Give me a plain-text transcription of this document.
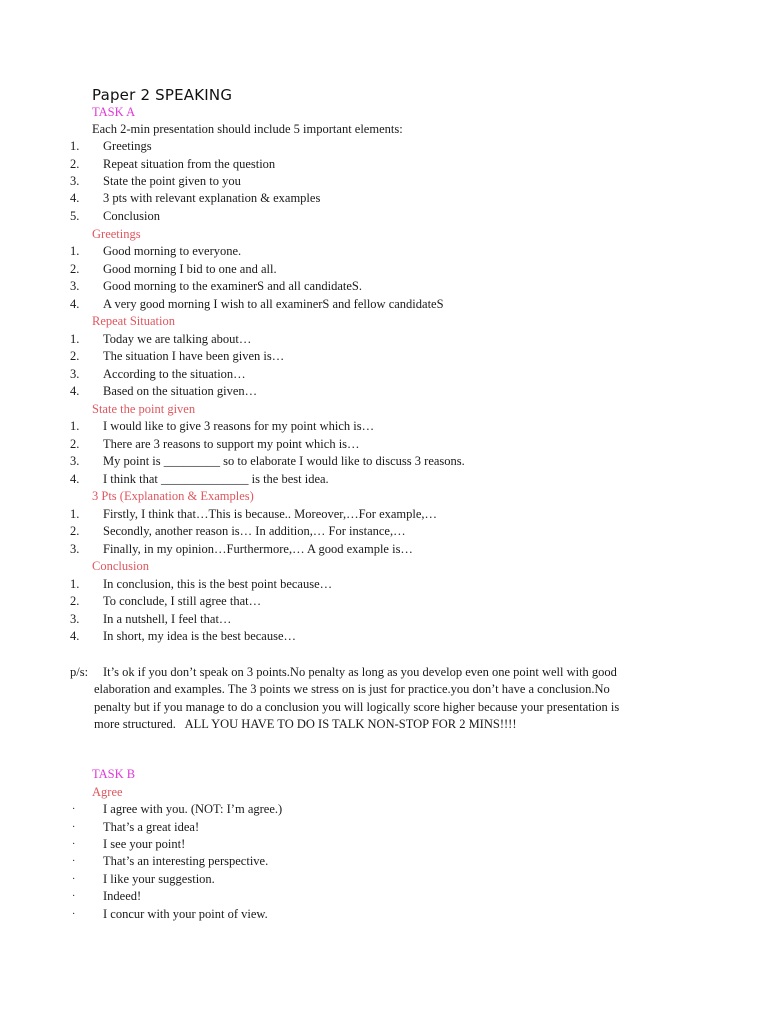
Paper 2 SPEAKING
TASK A
Each 2-min presentation should include 5 important elements:
1.	Greetings
2.	Repeat situation from the question
3.	State the point given to you
4.	3 pts with relevant explanation & examples
5.	Conclusion
Greetings
1.	Good morning to everyone.
2.	Good morning I bid to one and all.
3.	Good morning to the examinerS and all candidateS.
4.	A very good morning I wish to all examinerS and fellow candidateS
Repeat Situation
1.	Today we are talking about…
2.	The situation I have been given is…
3.	According to the situation…
4.	Based on the situation given…
State the point given
1.	I would like to give 3 reasons for my point which is…
2.	There are 3 reasons to support my point which is…
3.	My point is _________ so to elaborate I would like to discuss 3 reasons.
4.	I think that ______________ is the best idea.
3 Pts (Explanation & Examples)
1.	Firstly, I think that…This is because.. Moreover,…For example,…
2.	Secondly, another reason is… In addition,… For instance,…
3.	Finally, in my opinion…Furthermore,… A good example is…
Conclusion
1.	In conclusion, this is the best point because…
2.	To conclude, I still agree that…
3.	In a nutshell, I feel that…
4.	In short, my idea is the best because…
p/s: It’s ok if you don’t speak on 3 points.No penalty as long as you develop even one point well with good
elaboration and examples. The 3 points we stress on is just for practice.you don’t have a conclusion.No
penalty but if you manage to do a conclusion you will logically score higher because your presentation is
more structured.   ALL YOU HAVE TO DO IS TALK NON-STOP FOR 2 MINS!!!!
TASK B
Agree
· I agree with you. (NOT: I’m agree.)
· That’s a great idea!
· I see your point!
· That’s an interesting perspective.
· I like your suggestion.
· Indeed!
· I concur with your point of view.
